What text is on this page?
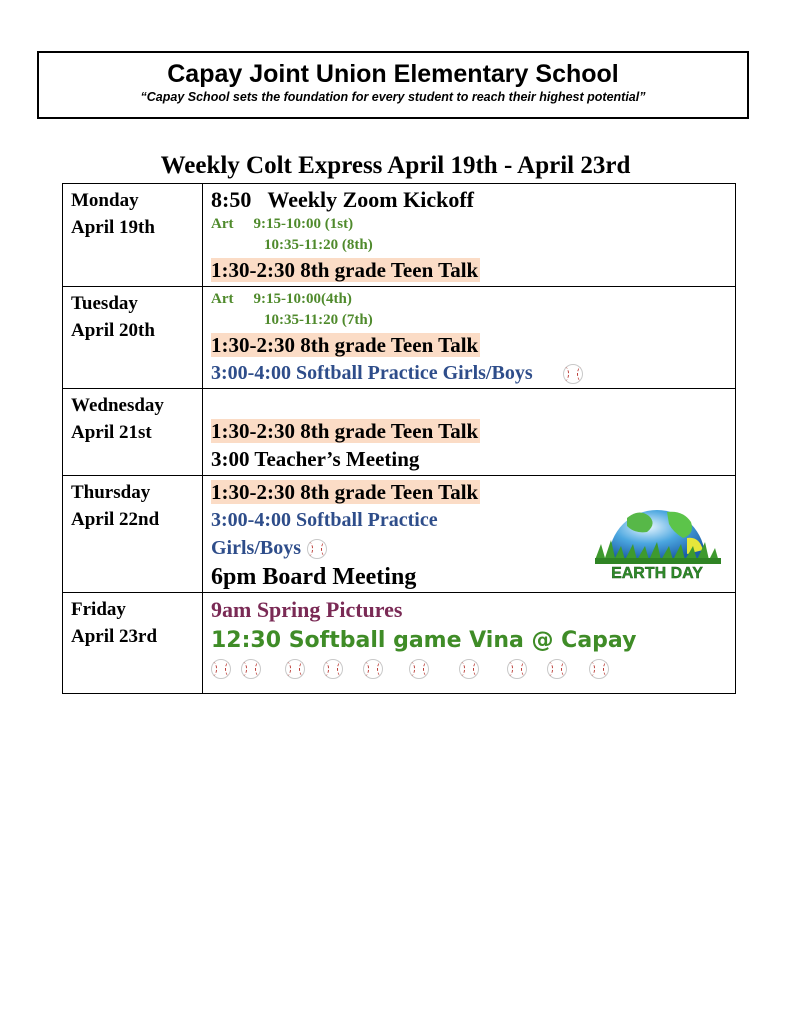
Capay Joint Union Elementary School
“Capay School sets the foundation for every student to reach their highest potential”
Weekly Colt Express April 19th - April 23rd
Monday
April 19th	8:50   Weekly Zoom Kickoff
Art 9:15-10:00 (1st)
10:35-11:20 (8th)
1:30-2:30 8th grade Teen Talk

Tuesday
April 20th	Art 9:15-10:00(4th)
10:35-11:20 (7th)
1:30-2:30 8th grade Teen Talk
3:00-4:00 Softball Practice Girls/Boys

Wednesday
April 21st	1:30-2:30 8th grade Teen Talk
3:00 Teacher’s Meeting

Thursday
April 22nd	1:30-2:30 8th grade Teen Talk
3:00-4:00 Softball Practice
Girls/Boys
6pm Board Meeting EARTH DAY

Friday
April 23rd	9am Spring Pictures
12:30 Softball game Vina @ Capay
